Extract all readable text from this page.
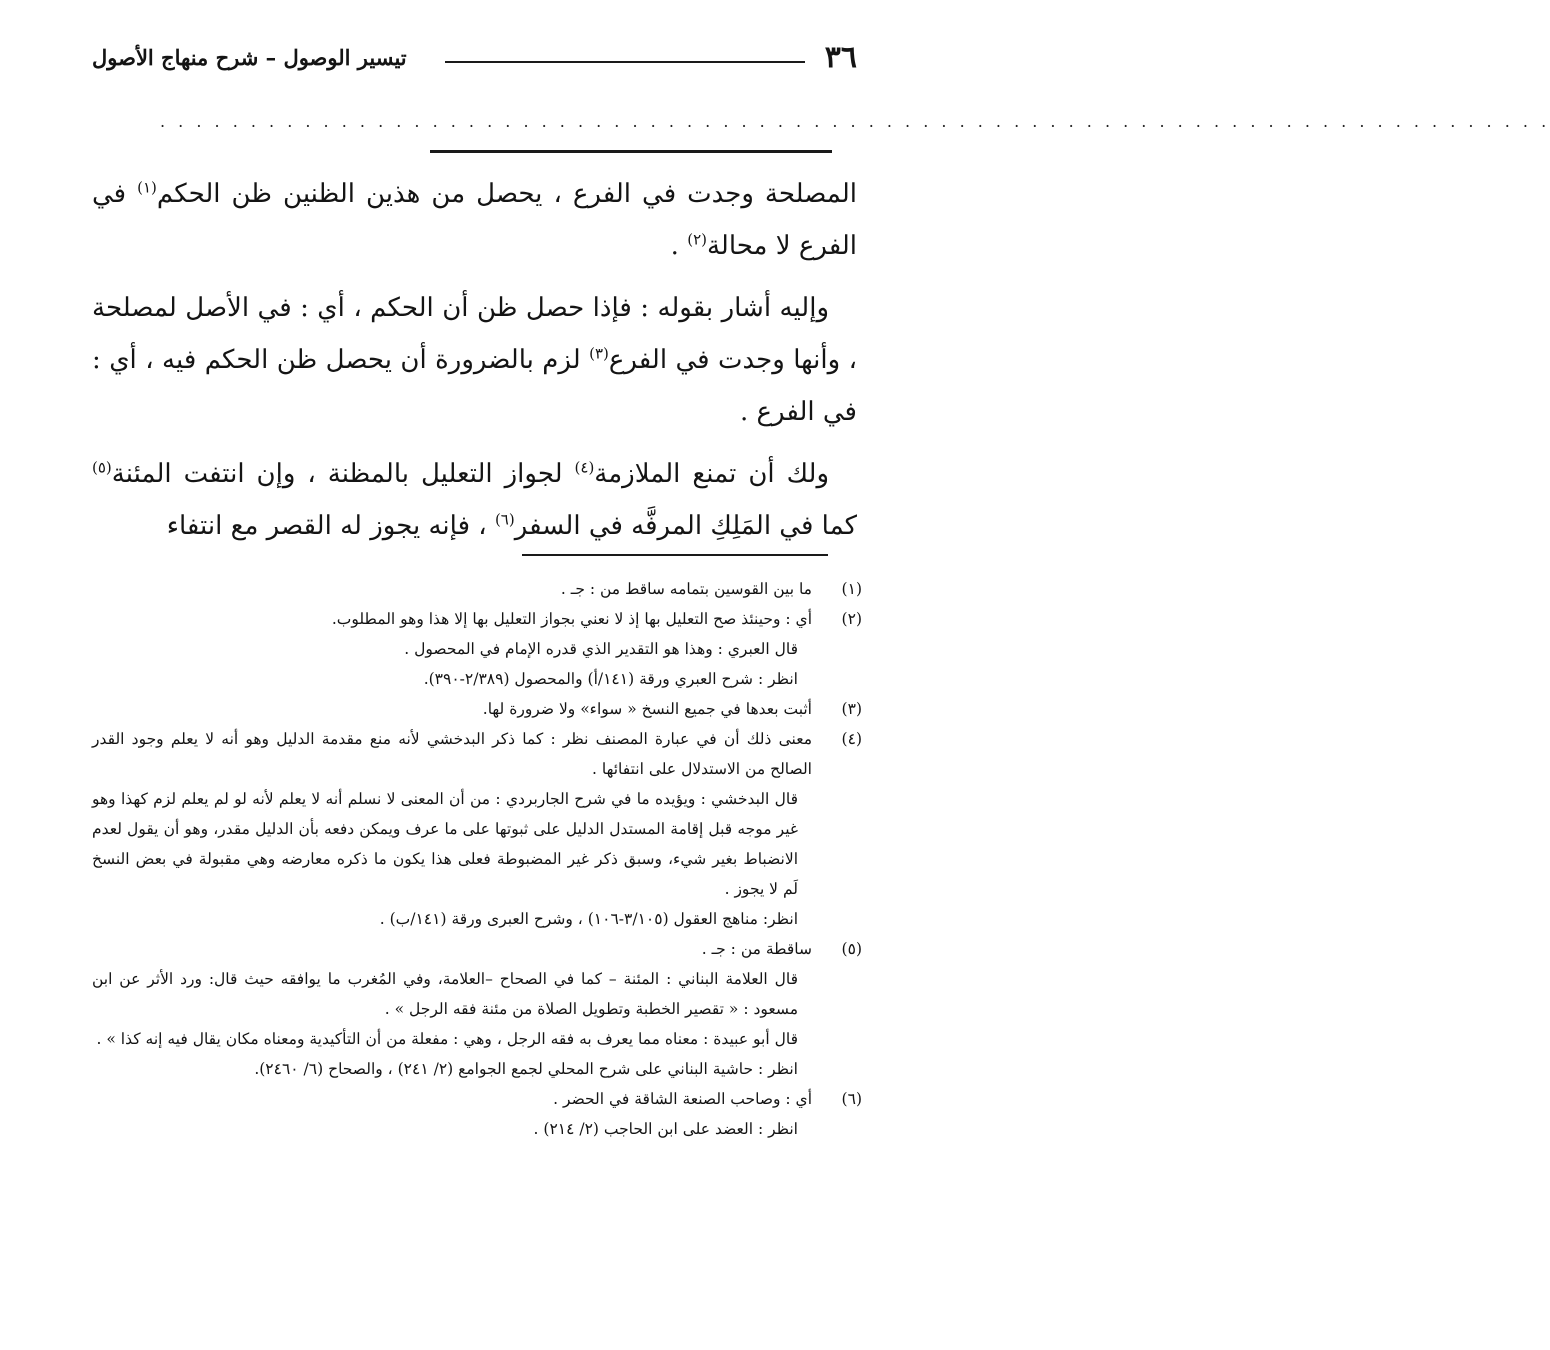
٣٦
تيسير الوصول – شرح منهاج الأصول
. . . . . . . . . . . . . . . . . . . . . . . . . . . . . . . . . . . . . . . . . . . . . . . . . . . . . . . . . . . . . . . . . . . . . . . . . . . . .

المصلحة وجدت في الفرع ، يحصل من هذين الظنين ظن الحكم$^{(١)}$ في الفرع لا محالة$^{(٢)}$ .

وإليه أشار بقوله : فإذا حصل ظن أن الحكم ، أي : في الأصل لمصلحة ، وأنها وجدت في الفرع$^{(٣)}$ لزم بالضرورة أن يحصل ظن الحكم فيه ، أي : في الفرع .

ولك أن تمنع الملازمة$^{(٤)}$ لجواز التعليل بالمظنة ، وإن انتفت المئنة$^{(٥)}$ كما في المَلِكِ المرفَّه في السفر$^{(٦)}$ ، فإنه يجوز له القصر مع انتفاء

(١)

ما بين القوسين بتمامه ساقط من : جـ .

(٢)

أي : وحينئذ صح التعليل بها إذ لا نعني بجواز التعليل بها إلا هذا وهو المطلوب.

قال العبري : وهذا هو التقدير الذي قدره الإمام في المحصول .

انظر : شرح العبري ورقة (١٤١/أ) والمحصول (٢/٣٨٩-٣٩٠).

(٣)

أثبت بعدها في جميع النسخ « سواء» ولا ضرورة لها.

(٤)

معنى ذلك أن في عبارة المصنف نظر : كما ذكر البدخشي لأنه منع مقدمة الدليل وهو أنه لا يعلم وجود القدر الصالح من الاستدلال على انتفائها .

قال البدخشي : ويؤيده ما في شرح الجاربردي : من أن المعنى لا نسلم أنه لا يعلم لأنه لو لم يعلم لزم كهذا وهو غير موجه قبل إقامة المستدل الدليل على ثبوتها على ما عرف ويمكن دفعه بأن الدليل مقدر، وهو أن يقول لعدم الانضباط بغير شيء، وسبق ذكر غير المضبوطة فعلى هذا يكون ما ذكره معارضه وهي مقبولة في بعض النسخ لَم لا يجوز .

انظر: مناهج العقول (٣/١٠٥-١٠٦) ، وشرح العبرى ورقة (١٤١/ب) .

(٥)

ساقطة من : جـ .

قال العلامة البناني : المئنة – كما في الصحاح –العلامة، وفي المُغرب ما يوافقه حيث قال: ورد الأثر عن ابن مسعود : « تقصير الخطبة وتطويل الصلاة من مئنة فقه الرجل » .

قال أبو عبيدة : معناه مما يعرف به فقه الرجل ، وهي : مفعلة من أن التأكيدية ومعناه مكان يقال فيه إنه كذا » .

انظر : حاشية البناني على شرح المحلي لجمع الجوامع (٢/ ٢٤١) ، والصحاح (٦/ ٢٤٦٠).

(٦)

أي : وصاحب الصنعة الشاقة في الحضر .

انظر : العضد على ابن الحاجب (٢/ ٢١٤) .
